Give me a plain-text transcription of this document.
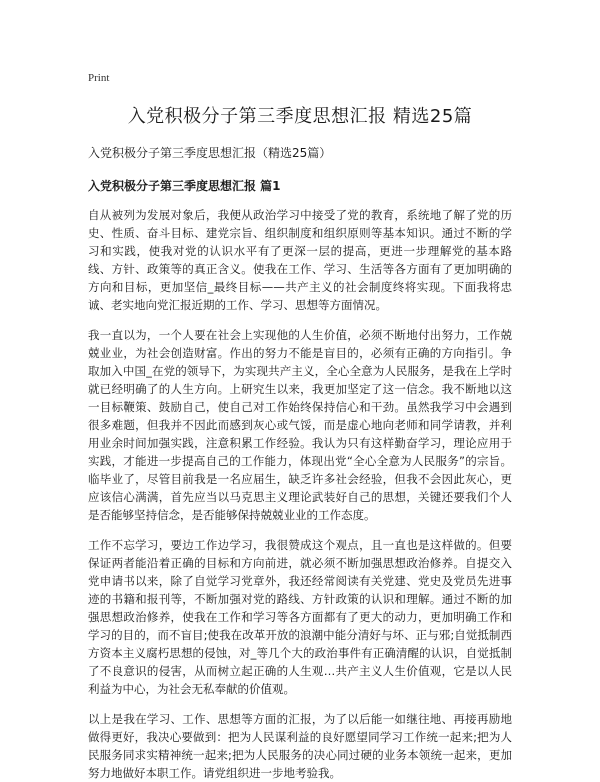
Print
入党积极分子第三季度思想汇报 精选25篇

入党积极分子第三季度思想汇报（精选25篇）

入党积极分子第三季度思想汇报 篇1

自从被列为发展对象后，我便从政治学习中接受了党的教育，系统地了解了党的历史、性质、奋斗目标、建党宗旨、组织制度和组织原则等基本知识。通过不断的学习和实践，使我对党的认识水平有了更深一层的提高，更进一步理解党的基本路线、方针、政策等的真正含义。使我在工作、学习、生活等各方面有了更加明确的方向和目标，更加坚信_最终目标——共产主义的社会制度终将实现。下面我将忠诚、老实地向党汇报近期的工作、学习、思想等方面情况。

我一直以为，一个人要在社会上实现他的人生价值，必须不断地付出努力，工作兢兢业业，为社会创造财富。作出的努力不能是盲目的，必须有正确的方向指引。争取加入中国_在党的领导下，为实现共产主义，全心全意为人民服务，是我在上学时就已经明确了的人生方向。上研究生以来，我更加坚定了这一信念。我不断地以这一目标鞭策、鼓励自己，使自己对工作始终保持信心和干劲。虽然我学习中会遇到很多难题，但我并不因此而感到灰心或气馁，而是虚心地向老师和同学请教，并利用业余时间加强实践，注意积累工作经验。我认为只有这样勤奋学习，理论应用于实践，才能进一步提高自己的工作能力，体现出党“全心全意为人民服务”的宗旨。临毕业了，尽管目前我是一名应届生，缺乏许多社会经验，但我不会因此灰心，更应该信心满满，首先应当以马克思主义理论武装好自己的思想，关键还要我们个人是否能够坚持信念，是否能够保持兢兢业业的工作态度。

工作不忘学习，要边工作边学习，我很赞成这个观点，且一直也是这样做的。但要保证两者能沿着正确的目标和方向前进，就必须不断加强思想政治修养。自提交入党申请书以来，除了自觉学习党章外，我还经常阅读有关党建、党史及党员先进事迹的书籍和报刊等，不断加强对党的路线、方针政策的认识和理解。通过不断的加强思想政治修养，使我在工作和学习等各方面都有了更大的动力，更加明确工作和学习的目的，而不盲目;使我在改革开放的浪潮中能分清好与坏、正与邪;自觉抵制西方资本主义腐朽思想的侵蚀，对_等几个大的政治事件有正确清醒的认识，自觉抵制了不良意识的侵害，从而树立起正确的人生观…共产主义人生价值观，它是以人民利益为中心，为社会无私奉献的价值观。

以上是我在学习、工作、思想等方面的汇报，为了以后能一如继往地、再接再励地做得更好，我决心要做到：把为人民谋利益的良好愿望同学习工作统一起来;把为人民服务同求实精神统一起来;把为人民服务的决心同过硬的业务本领统一起来，更加努力地做好本职工作。请党组织进一步地考验我。
